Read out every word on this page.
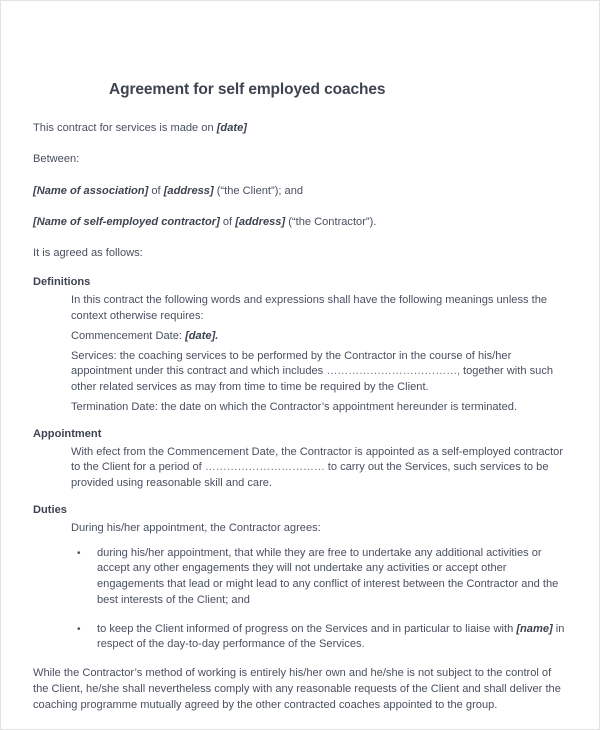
Agreement for self employed coaches

This contract for services is made on [date]

Between:

[Name of association] of [address] (“the Client”); and

[Name of self-employed contractor] of [address] (“the Contractor”).

It is agreed as follows:

Definitions

In this contract the following words and expressions shall have the following meanings unless the context otherwise requires:

Commencement Date: [date].

Services: the coaching services to be performed by the Contractor in the course of his/her appointment under this contract and which includes ………………………………, together with such other related services as may from time to time be required by the Client.

Termination Date: the date on which the Contractor’s appointment hereunder is terminated.

Appointment

With efect from the Commencement Date, the Contractor is appointed as a self-employed contractor to the Client for a period of …………………………… to carry out the Services, such services to be provided using reasonable skill and care.

Duties

During his/her appointment, the Contractor agrees:

• during his/her appointment, that while they are free to undertake any additional activities or accept any other engagements they will not undertake any activities or accept other engagements that lead or might lead to any conflict of interest between the Contractor and the best interests of the Client; and
• to keep the Client informed of progress on the Services and in particular to liaise with [name] in respect of the day-to-day performance of the Services.

While the Contractor’s method of working is entirely his/her own and he/she is not subject to the control of the Client, he/she shall nevertheless comply with any reasonable requests of the Client and shall deliver the coaching programme mutually agreed by the other contracted coaches appointed to the group.
